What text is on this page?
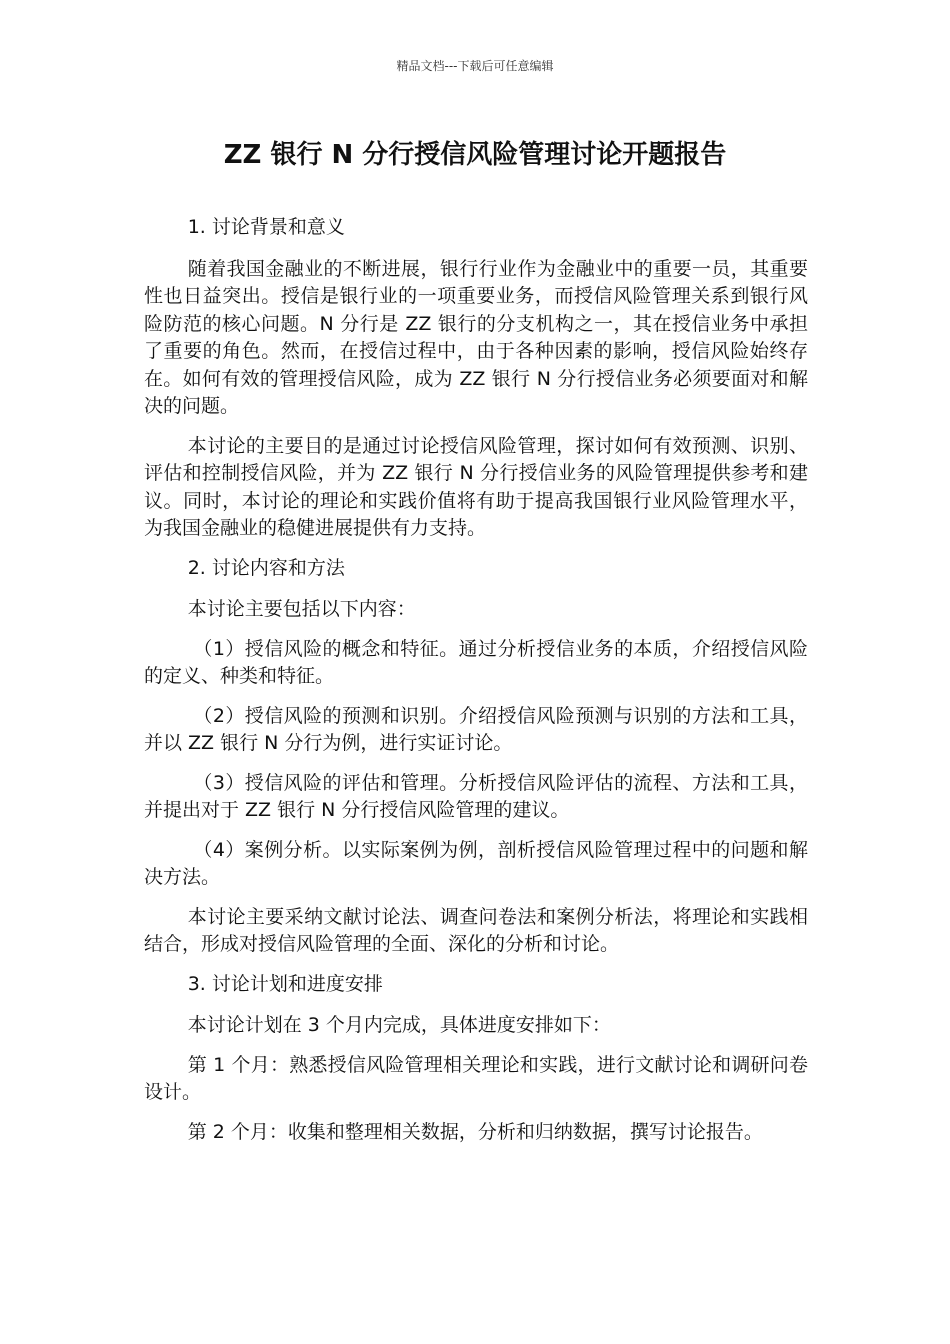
精品文档---下载后可任意编辑
ZZ 银行 N 分行授信风险管理讨论开题报告

1. 讨论背景和意义

随着我国金融业的不断进展，银行行业作为金融业中的重要一员，其重要性也日益突出。授信是银行业的一项重要业务，而授信风险管理关系到银行风险防范的核心问题。N 分行是 ZZ 银行的分支机构之一，其在授信业务中承担了重要的角色。然而，在授信过程中，由于各种因素的影响，授信风险始终存在。如何有效的管理授信风险，成为 ZZ 银行 N 分行授信业务必须要面对和解决的问题。

本讨论的主要目的是通过讨论授信风险管理，探讨如何有效预测、识别、评估和控制授信风险，并为 ZZ 银行 N 分行授信业务的风险管理提供参考和建议。同时，本讨论的理论和实践价值将有助于提高我国银行业风险管理水平，为我国金融业的稳健进展提供有力支持。

2. 讨论内容和方法

本讨论主要包括以下内容：

（1）授信风险的概念和特征。通过分析授信业务的本质，介绍授信风险的定义、种类和特征。

（2）授信风险的预测和识别。介绍授信风险预测与识别的方法和工具，并以 ZZ 银行 N 分行为例，进行实证讨论。

（3）授信风险的评估和管理。分析授信风险评估的流程、方法和工具，并提出对于 ZZ 银行 N 分行授信风险管理的建议。

（4）案例分析。以实际案例为例，剖析授信风险管理过程中的问题和解决方法。

本讨论主要采纳文献讨论法、调查问卷法和案例分析法，将理论和实践相结合，形成对授信风险管理的全面、深化的分析和讨论。

3. 讨论计划和进度安排

本讨论计划在 3 个月内完成，具体进度安排如下：

第 1 个月：熟悉授信风险管理相关理论和实践，进行文献讨论和调研问卷设计。

第 2 个月：收集和整理相关数据，分析和归纳数据，撰写讨论报告。
